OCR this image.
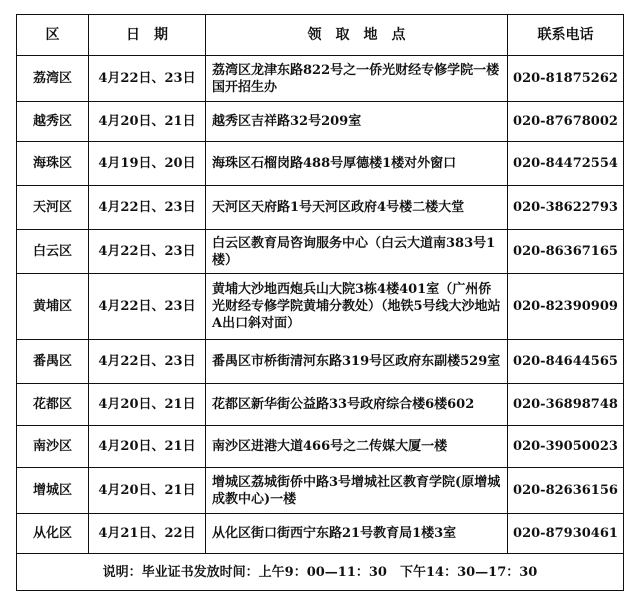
区	日　期	领　取　地　点	联系电话
荔湾区	4月22日、23日	荔湾区龙津东路822号之一侨光财经专修学院一楼国开招生办	020-81875262
越秀区	4月20日、21日	越秀区吉祥路32号209室	020-87678002
海珠区	4月19日、20日	海珠区石榴岗路488号厚德楼1楼对外窗口	020-84472554
天河区	4月22日、23日	天河区天府路1号天河区政府4号楼二楼大堂	020-38622793
白云区	4月22日、23日	白云区教育局咨询服务中心（白云大道南383号1楼）	020-86367165
黄埔区	4月22日、23日	黄埔大沙地西炮兵山大院3栋4楼401室（广州侨光财经专修学院黄埔分教处）（地铁5号线大沙地站A出口斜对面）	020-82390909
番禺区	4月22日、23日	番禺区市桥街清河东路319号区政府东副楼529室	020-84644565
花都区	4月20日、21日	花都区新华街公益路33号政府综合楼6楼602	020-36898748
南沙区	4月20日、21日	南沙区进港大道466号之二传媒大厦一楼	020-39050023
增城区	4月20日、21日	增城区荔城街侨中路3号增城社区教育学院(原增城成教中心)一楼	020-82636156
从化区	4月21日、22日	从化区街口街西宁东路21号教育局1楼3室	020-87930461
说明：毕业证书发放时间：上午9：00—11：30　下午14：30—17：30			
